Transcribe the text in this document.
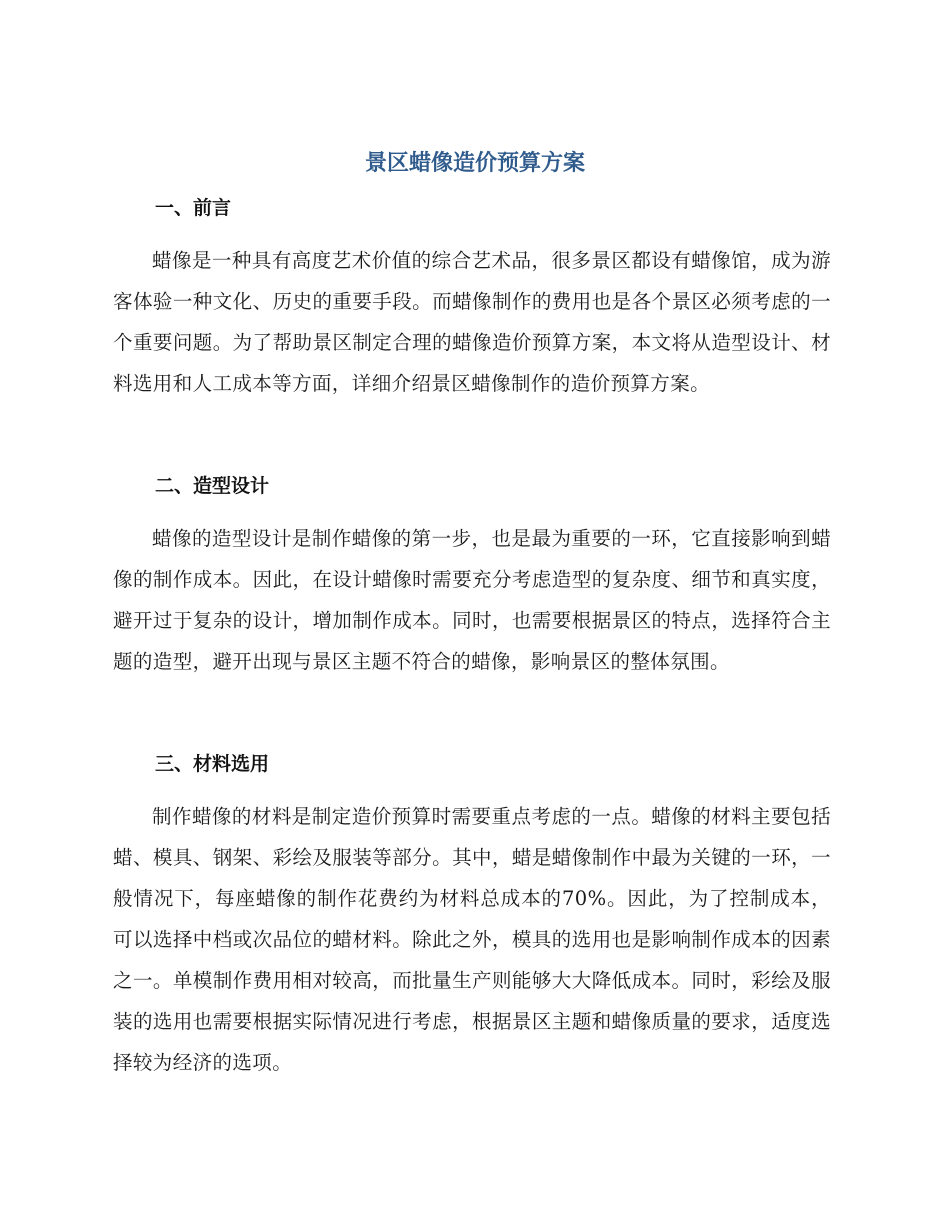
景区蜡像造价预算方案
一、前言

蜡像是一种具有高度艺术价值的综合艺术品，很多景区都设有蜡像馆，成为游客体验一种文化、历史的重要手段。而蜡像制作的费用也是各个景区必须考虑的一个重要问题。为了帮助景区制定合理的蜡像造价预算方案，本文将从造型设计、材料选用和人工成本等方面，详细介绍景区蜡像制作的造价预算方案。

二、造型设计

蜡像的造型设计是制作蜡像的第一步，也是最为重要的一环，它直接影响到蜡像的制作成本。因此，在设计蜡像时需要充分考虑造型的复杂度、细节和真实度，避开过于复杂的设计，增加制作成本。同时，也需要根据景区的特点，选择符合主题的造型，避开出现与景区主题不符合的蜡像，影响景区的整体氛围。

三、材料选用

制作蜡像的材料是制定造价预算时需要重点考虑的一点。蜡像的材料主要包括蜡、模具、钢架、彩绘及服装等部分。其中，蜡是蜡像制作中最为关键的一环，一般情况下，每座蜡像的制作花费约为材料总成本的70%。因此，为了控制成本，可以选择中档或次品位的蜡材料。除此之外，模具的选用也是影响制作成本的因素之一。单模制作费用相对较高，而批量生产则能够大大降低成本。同时，彩绘及服装的选用也需要根据实际情况进行考虑，根据景区主题和蜡像质量的要求，适度选择较为经济的选项。
